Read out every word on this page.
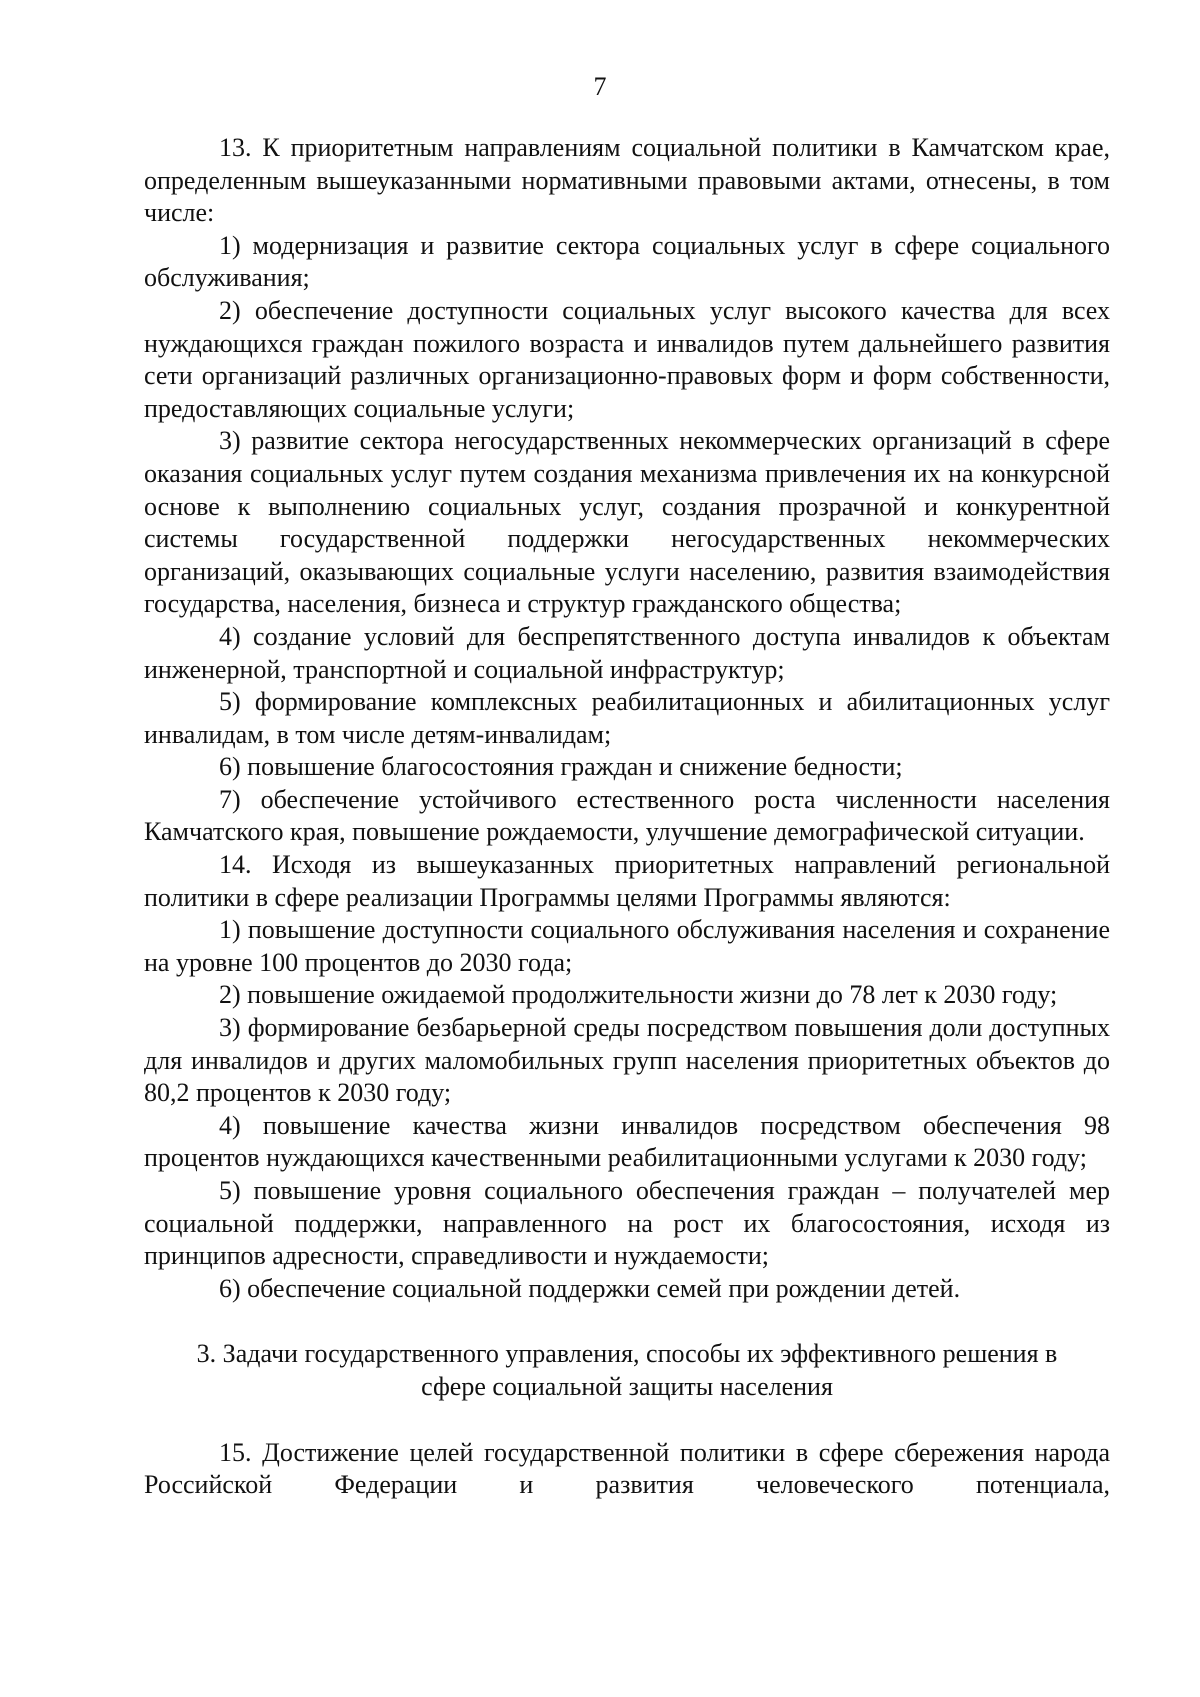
7

13. К приоритетным направлениям социальной политики в Камчатском крае, определенным вышеуказанными нормативными правовыми актами, отнесены, в том числе:

1) модернизация и развитие сектора социальных услуг в сфере социального обслуживания;

2) обеспечение доступности социальных услуг высокого качества для всех нуждающихся граждан пожилого возраста и инвалидов путем дальнейшего развития сети организаций различных организационно-правовых форм и форм собственности, предоставляющих социальные услуги;

3) развитие сектора негосударственных некоммерческих организаций в сфере оказания социальных услуг путем создания механизма привлечения их на конкурсной основе к выполнению социальных услуг, создания прозрачной и конкурентной системы государственной поддержки негосударственных некоммерческих организаций, оказывающих социальные услуги населению, развития взаимодействия государства, населения, бизнеса и структур гражданского общества;

4) создание условий для беспрепятственного доступа инвалидов к объектам инженерной, транспортной и социальной инфраструктур;

5) формирование комплексных реабилитационных и абилитационных услуг инвалидам, в том числе детям-инвалидам;

6) повышение благосостояния граждан и снижение бедности;

7) обеспечение устойчивого естественного роста численности населения Камчатского края, повышение рождаемости, улучшение демографической ситуации.

14. Исходя из вышеуказанных приоритетных направлений региональной политики в сфере реализации Программы целями Программы являются:

1) повышение доступности социального обслуживания населения и сохранение на уровне 100 процентов до 2030 года;

2) повышение ожидаемой продолжительности жизни до 78 лет к 2030 году;

3) формирование безбарьерной среды посредством повышения доли доступных для инвалидов и других маломобильных групп населения приоритетных объектов до 80,2 процентов к 2030 году;

4) повышение качества жизни инвалидов посредством обеспечения 98 процентов нуждающихся качественными реабилитационными услугами к 2030 году;

5) повышение уровня социального обеспечения граждан – получателей мер социальной поддержки, направленного на рост их благосостояния, исходя из принципов адресности, справедливости и нуждаемости;

6) обеспечение социальной поддержки семей при рождении детей.

3. Задачи государственного управления, способы их эффективного решения в
сфере социальной защиты населения

15. Достижение целей государственной политики в сфере сбережения народа Российской Федерации и развития человеческого потенциала,
